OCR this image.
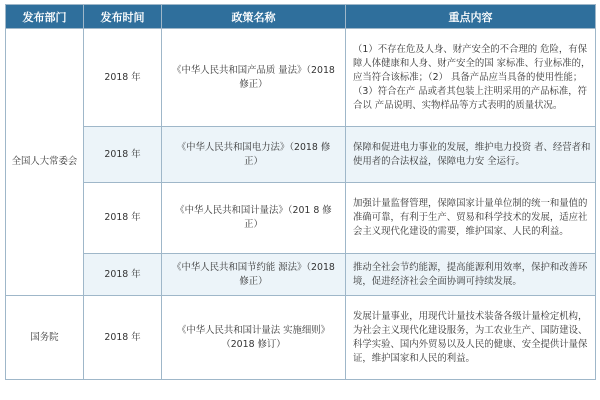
发布部门	发布时间	政策名称	重点内容
全国人大常委会	2018 年	《中华人民共和国产品质 量法》（2018 修正）	（1）不存在危及人身、财产安全的不合理的 危险，有保障人体健康和人身、财产安全的国 家标准、行业标准的，应当符合该标准；（2） 具备产品应当具备的使用性能；（3）符合在产 品或者其包装上注明采用的产品标准，符合以 产品说明、实物样品等方式表明的质量状况。
	2018 年	《中华人民共和国电力法》（2018 修正）	保障和促进电力事业的发展，维护电力投资 者、经营者和使用者的合法权益，保障电力安 全运行。
	2018 年	《中华人民共和国计量法》（201 8 修正）	加强计量监督管理，保障国家计量单位制的统一和量值的准确可靠，有利于生产、贸易和科学技术的发展，适应社会主义现代化建设的需要，维护国家、人民的利益。
	2018 年	《中华人民共和国节约能 源法》（2018 修正）	推动全社会节约能源，提高能源利用效率，保护和改善环境，促进经济社会全面协调可持续发展。
国务院	2018 年	《中华人民共和国计量法 实施细则》（2018 修订）	发展计量事业，用现代计量技术装备各级计量检定机构，为社会主义现代化建设服务，为工农业生产、国防建设、科学实验、国内外贸易以及人民的健康、安全提供计量保证，维护国家和人民的利益。
